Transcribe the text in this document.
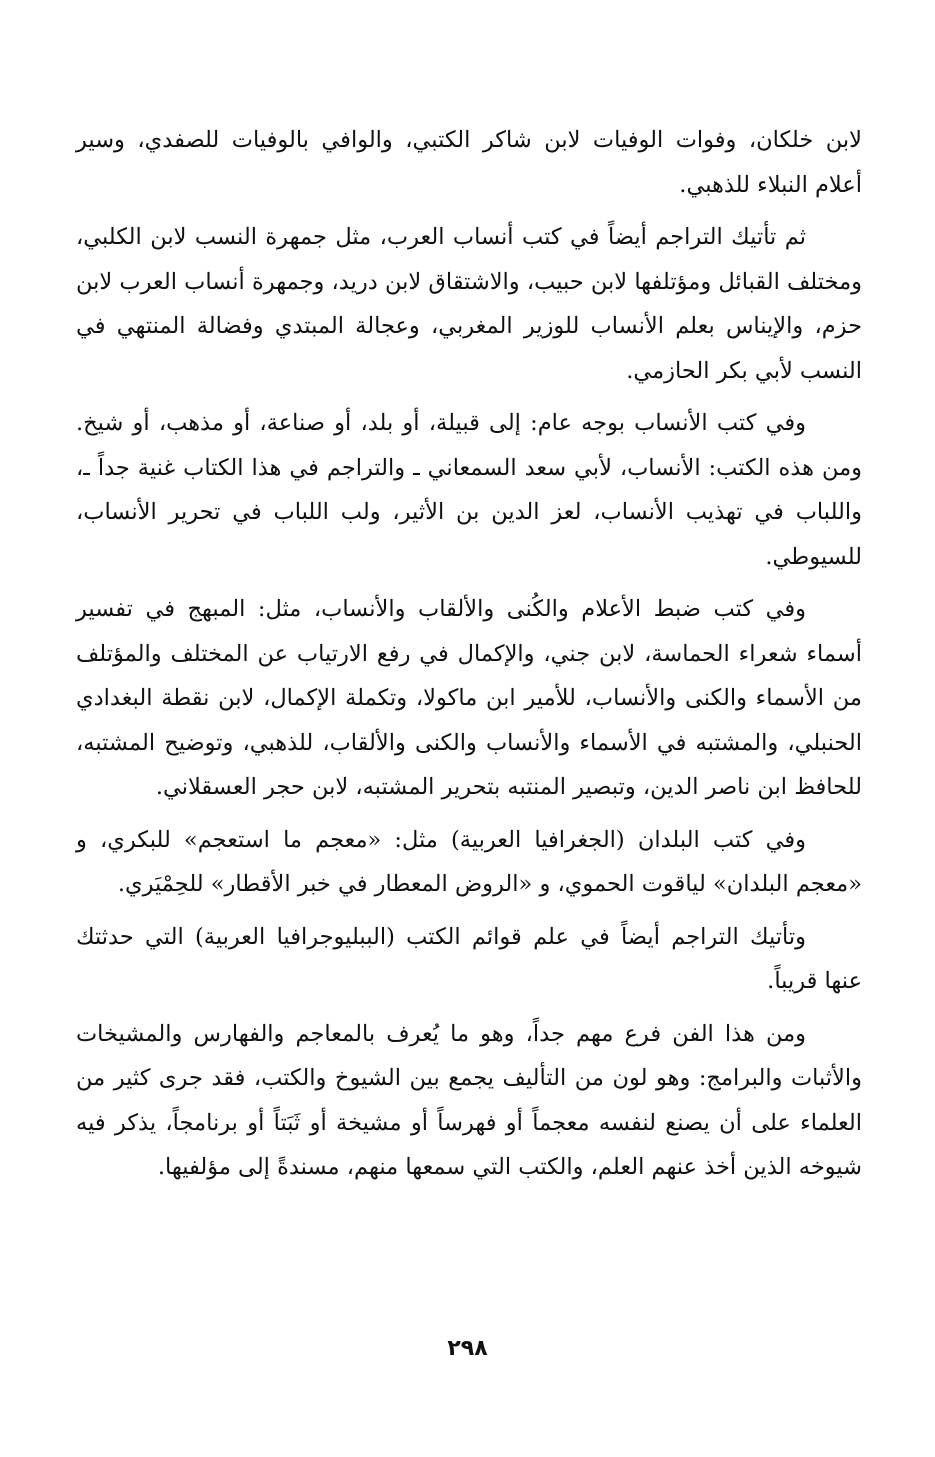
لابن خلكان، وفوات الوفيات لابن شاكر الكتبي، والوافي بالوفيات للصفدي، وسير أعلام النبلاء للذهبي.

ثم تأتيك التراجم أيضاً في كتب أنساب العرب، مثل جمهرة النسب لابن الكلبي، ومختلف القبائل ومؤتلفها لابن حبيب، والاشتقاق لابن دريد، وجمهرة أنساب العرب لابن حزم، والإيناس بعلم الأنساب للوزير المغربي، وعجالة المبتدي وفضالة المنتهي في النسب لأبي بكر الحازمي.

وفي كتب الأنساب بوجه عام: إلى قبيلة، أو بلد، أو صناعة، أو مذهب، أو شيخ. ومن هذه الكتب: الأنساب، لأبي سعد السمعاني ـ والتراجم في هذا الكتاب غنية جداً ـ، واللباب في تهذيب الأنساب، لعز الدين بن الأثير، ولب اللباب في تحرير الأنساب، للسيوطي.

وفي كتب ضبط الأعلام والكُنى والألقاب والأنساب، مثل: المبهج في تفسير أسماء شعراء الحماسة، لابن جني، والإكمال في رفع الارتياب عن المختلف والمؤتلف من الأسماء والكنى والأنساب، للأمير ابن ماكولا، وتكملة الإكمال، لابن نقطة البغدادي الحنبلي، والمشتبه في الأسماء والأنساب والكنى والألقاب، للذهبي، وتوضيح المشتبه، للحافظ ابن ناصر الدين، وتبصير المنتبه بتحرير المشتبه، لابن حجر العسقلاني.

وفي كتب البلدان (الجغرافيا العربية) مثل: «معجم ما استعجم» للبكري، و «معجم البلدان» لياقوت الحموي، و «الروض المعطار في خبر الأقطار» للحِمْيَري.

وتأتيك التراجم أيضاً في علم قوائم الكتب (الببليوجرافيا العربية) التي حدثتك عنها قريباً.

ومن هذا الفن فرع مهم جداً، وهو ما يُعرف بالمعاجم والفهارس والمشيخات والأثبات والبرامج: وهو لون من التأليف يجمع بين الشيوخ والكتب، فقد جرى كثير من العلماء على أن يصنع لنفسه معجماً أو فهرساً أو مشيخة أو ثَبَتاً أو برنامجاً، يذكر فيه شيوخه الذين أخذ عنهم العلم، والكتب التي سمعها منهم، مسندةً إلى مؤلفيها.

٢٩٨
